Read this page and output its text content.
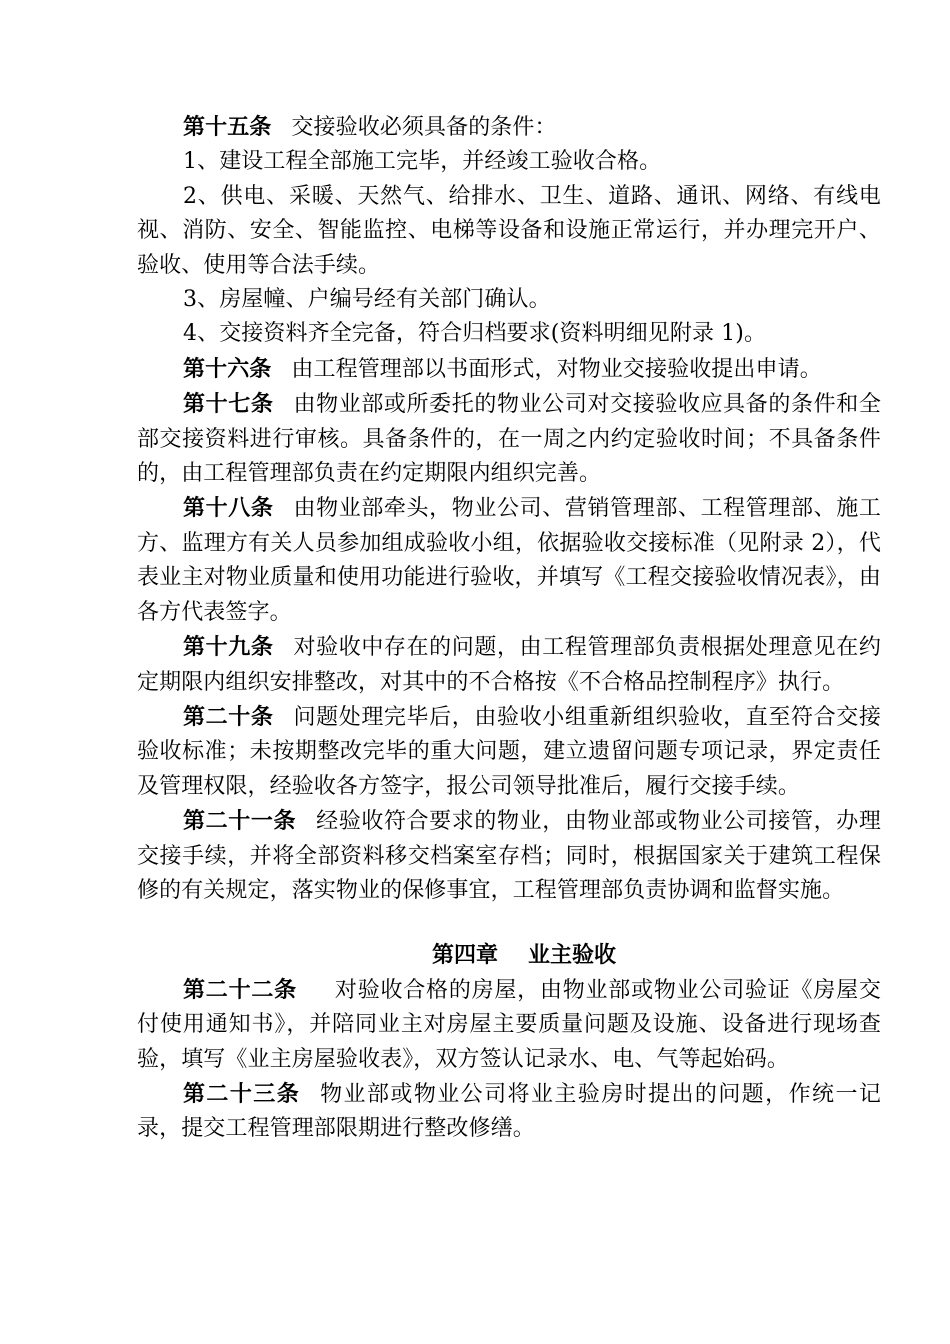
第十五条 交接验收必须具备的条件：

1、建设工程全部施工完毕，并经竣工验收合格。

2、供电、采暖、天然气、给排水、卫生、道路、通讯、网络、有线电视、消防、安全、智能监控、电梯等设备和设施正常运行，并办理完开户、验收、使用等合法手续。

3、房屋幢、户编号经有关部门确认。

4、交接资料齐全完备，符合归档要求(资料明细见附录 1)。

第十六条 由工程管理部以书面形式，对物业交接验收提出申请。

第十七条 由物业部或所委托的物业公司对交接验收应具备的条件和全部交接资料进行审核。具备条件的，在一周之内约定验收时间；不具备条件的，由工程管理部负责在约定期限内组织完善。

第十八条 由物业部牵头，物业公司、营销管理部、工程管理部、施工方、监理方有关人员参加组成验收小组，依据验收交接标准（见附录 2），代表业主对物业质量和使用功能进行验收，并填写《工程交接验收情况表》，由各方代表签字。

第十九条 对验收中存在的问题，由工程管理部负责根据处理意见在约定期限内组织安排整改，对其中的不合格按《不合格品控制程序》执行。

第二十条 问题处理完毕后，由验收小组重新组织验收，直至符合交接验收标准；未按期整改完毕的重大问题，建立遗留问题专项记录，界定责任及管理权限，经验收各方签字，报公司领导批准后，履行交接手续。

第二十一条 经验收符合要求的物业，由物业部或物业公司接管，办理交接手续，并将全部资料移交档案室存档；同时，根据国家关于建筑工程保修的有关规定，落实物业的保修事宜，工程管理部负责协调和监督实施。

第四章 业主验收

第二十二条 对验收合格的房屋，由物业部或物业公司验证《房屋交付使用通知书》，并陪同业主对房屋主要质量问题及设施、设备进行现场查验，填写《业主房屋验收表》，双方签认记录水、电、气等起始码。

第二十三条 物业部或物业公司将业主验房时提出的问题，作统一记录，提交工程管理部限期进行整改修缮。
